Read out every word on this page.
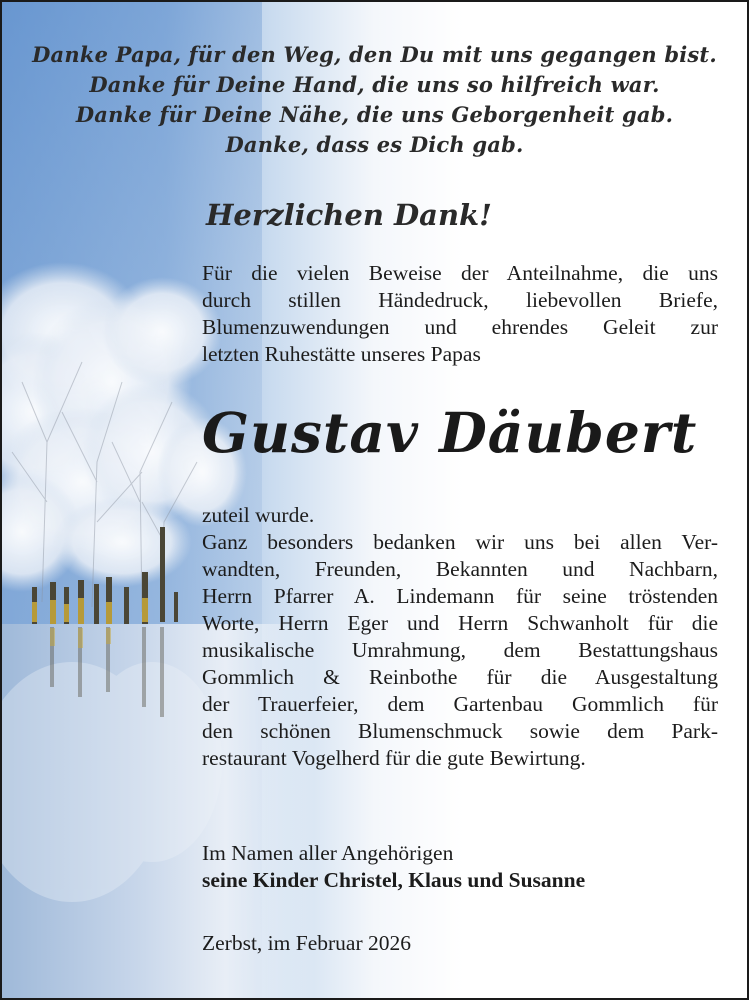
Danke Papa, für den Weg, den Du mit uns gegangen bist.
Danke für Deine Hand, die uns so hilfreich war.
Danke für Deine Nähe, die uns Geborgenheit gab.
Danke, dass es Dich gab.
Herzlichen Dank!
Für die vielen Beweise der Anteilnahme, die uns
durch stillen Händedruck, liebevollen Briefe,
Blumenzuwendungen und ehrendes Geleit zur
letzten Ruhestätte unseres Papas
Gustav Däubert
zuteil wurde.
Ganz besonders bedanken wir uns bei allen Ver-
wandten, Freunden, Bekannten und Nachbarn,
Herrn Pfarrer A. Lindemann für seine tröstenden
Worte, Herrn Eger und Herrn Schwanholt für die
musikalische Umrahmung, dem Bestattungshaus
Gommlich & Reinbothe für die Ausgestaltung
der Trauerfeier, dem Gartenbau Gommlich für
den schönen Blumenschmuck sowie dem Park-
restaurant Vogelherd für die gute Bewirtung.
Im Namen aller Angehörigen
seine Kinder Christel, Klaus und Susanne
Zerbst, im Februar 2026
